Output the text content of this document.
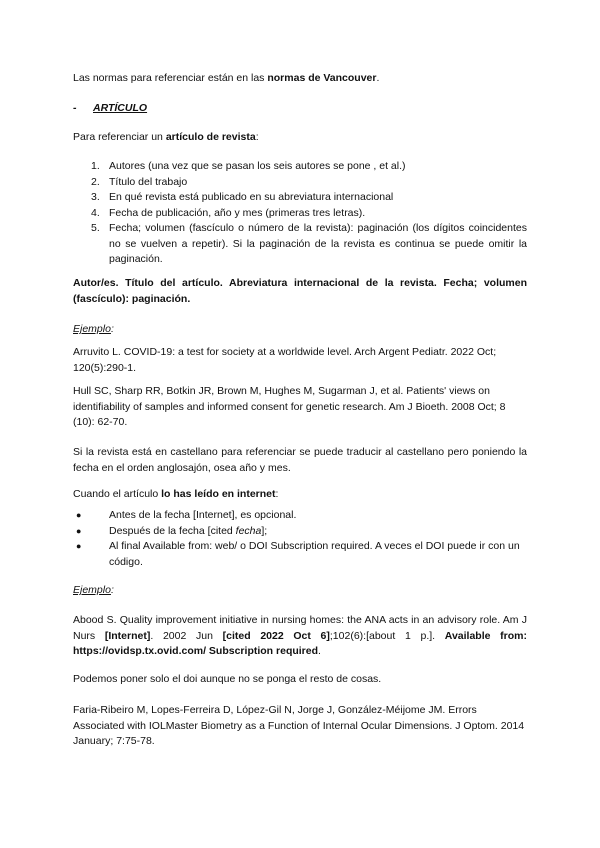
Las normas para referenciar están en las normas de Vancouver.

- ARTÍCULO

Para referenciar un artículo de revista:

1. Autores (una vez que se pasan los seis autores se pone , et al.)
2. Título del trabajo
3. En qué revista está publicado en su abreviatura internacional
4. Fecha de publicación, año y mes (primeras tres letras).
5. Fecha; volumen (fascículo o número de la revista): paginación (los dígitos coincidentes no se vuelven a repetir). Si la paginación de la revista es continua se puede omitir la paginación.

Autor/es. Título del artículo. Abreviatura internacional de la revista. Fecha; volumen (fascículo): paginación.

Ejemplo:

Arruvito L. COVID-19: a test for society at a worldwide level. Arch Argent Pediatr. 2022 Oct; 120(5):290-1.

Hull SC, Sharp RR, Botkin JR, Brown M, Hughes M, Sugarman J, et al. Patients' views on identifiability of samples and informed consent for genetic research. Am J Bioeth. 2008 Oct; 8 (10): 62-70.

Si la revista está en castellano para referenciar se puede traducir al castellano pero poniendo la fecha en el orden anglosajón, osea año y mes.

Cuando el artículo lo has leído en internet:

●	Antes de la fecha [Internet], es opcional.
●	Después de la fecha [cited fecha];
●	Al final Available from: web/ o DOI Subscription required. A veces el DOI puede ir con un código.

Ejemplo:

Abood S. Quality improvement initiative in nursing homes: the ANA acts in an advisory role. Am J Nurs [Internet]. 2002 Jun [cited 2022 Oct 6];102(6):[about 1 p.]. Available from: https://ovidsp.tx.ovid.com/ Subscription required.

Podemos poner solo el doi aunque no se ponga el resto de cosas.

Faria-Ribeiro M, Lopes-Ferreira D, López-Gil N, Jorge J, González-Méijome JM. Errors Associated with IOLMaster Biometry as a Function of Internal Ocular Dimensions. J Optom. 2014 January; 7:75-78.
